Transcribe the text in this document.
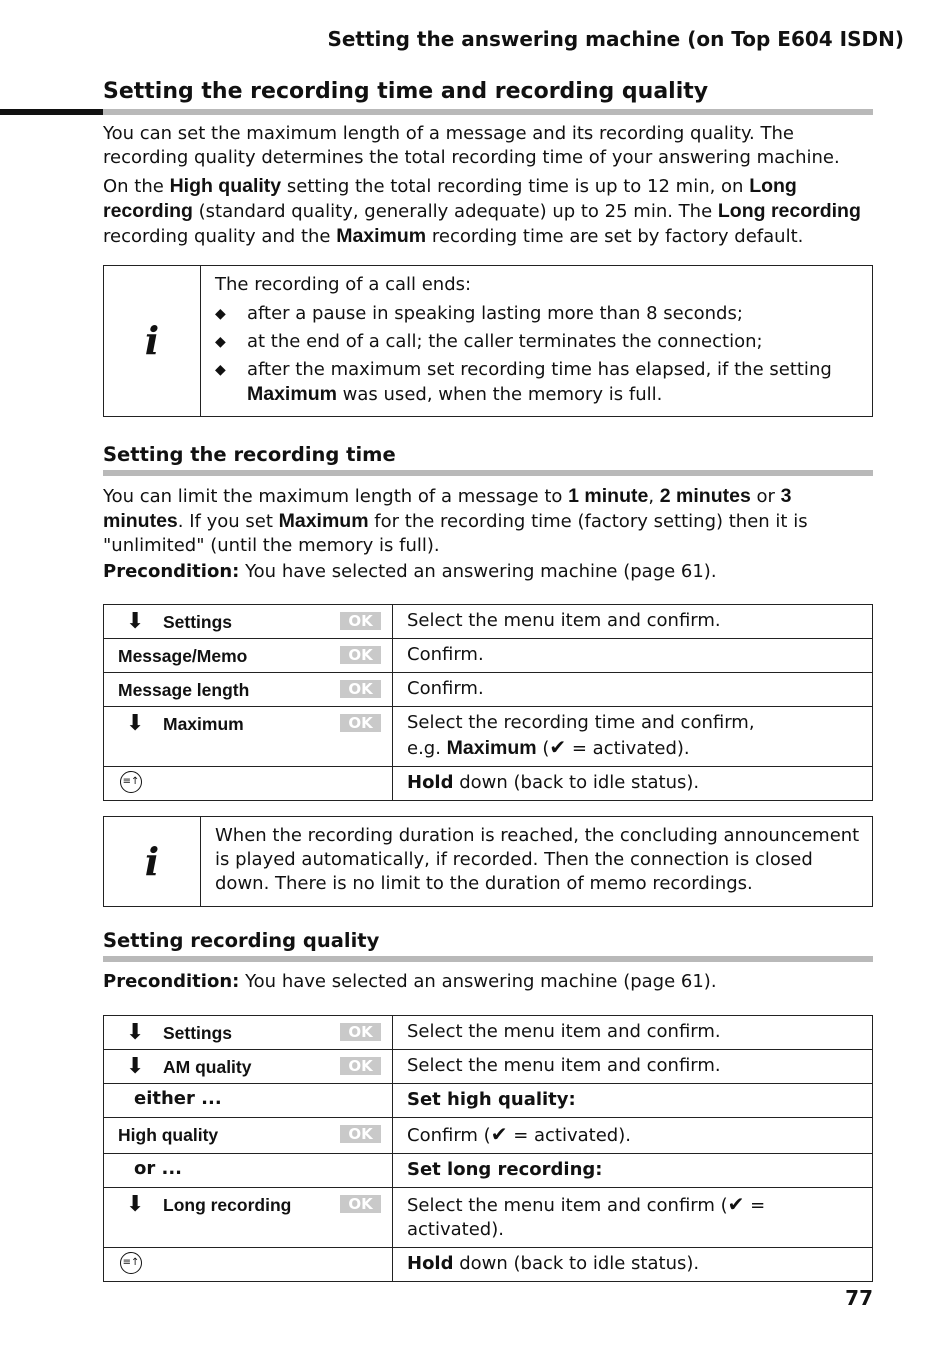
Setting the answering machine (on Top E604 ISDN)
Setting the recording time and recording quality

You can set the maximum length of a message and its recording quality. The recording quality determines the total recording time of your answering machine.

On the High quality setting the total recording time is up to 12 min, on Long recording (standard quality, generally adequate) up to 25 min. The Long recording recording quality and the Maximum recording time are set by factory default.

i
The recording of a call ends:
◆	after a pause in speaking lasting more than 8 seconds;
◆	at the end of a call; the caller terminates the connection;
◆	after the maximum set recording time has elapsed, if the setting
Maximum was used, when the memory is full.
Setting the recording time

You can limit the maximum length of a message to 1 minute, 2 minutes or 3 minutes. If you set Maximum for the recording time (factory setting) then it is "unlimited" (until the memory is full).

Precondition: You have selected an answering machine (page 61).

⬇ Settings OK	Select the menu item and confirm.

Message/Memo OK	Confirm.

Message length OK	Confirm.

⬇ Maximum OK	Select the recording time and confirm,
e.g. Maximum (✔ = activated).

≡↑	Hold down (back to idle status).
i
When the recording duration is reached, the concluding announcement is played automatically, if recorded. Then the connection is closed down. There is no limit to the duration of memo recordings.
Setting recording quality

Precondition: You have selected an answering machine (page 61).

⬇ Settings OK	Select the menu item and confirm.

⬇ AM quality OK	Select the menu item and confirm.

either ...	Set high quality:

High quality OK	Confirm (✔ = activated).

or ...	Set long recording:

⬇ Long recording OK	Select the menu item and confirm (✔ = activated).

≡↑	Hold down (back to idle status).
77
